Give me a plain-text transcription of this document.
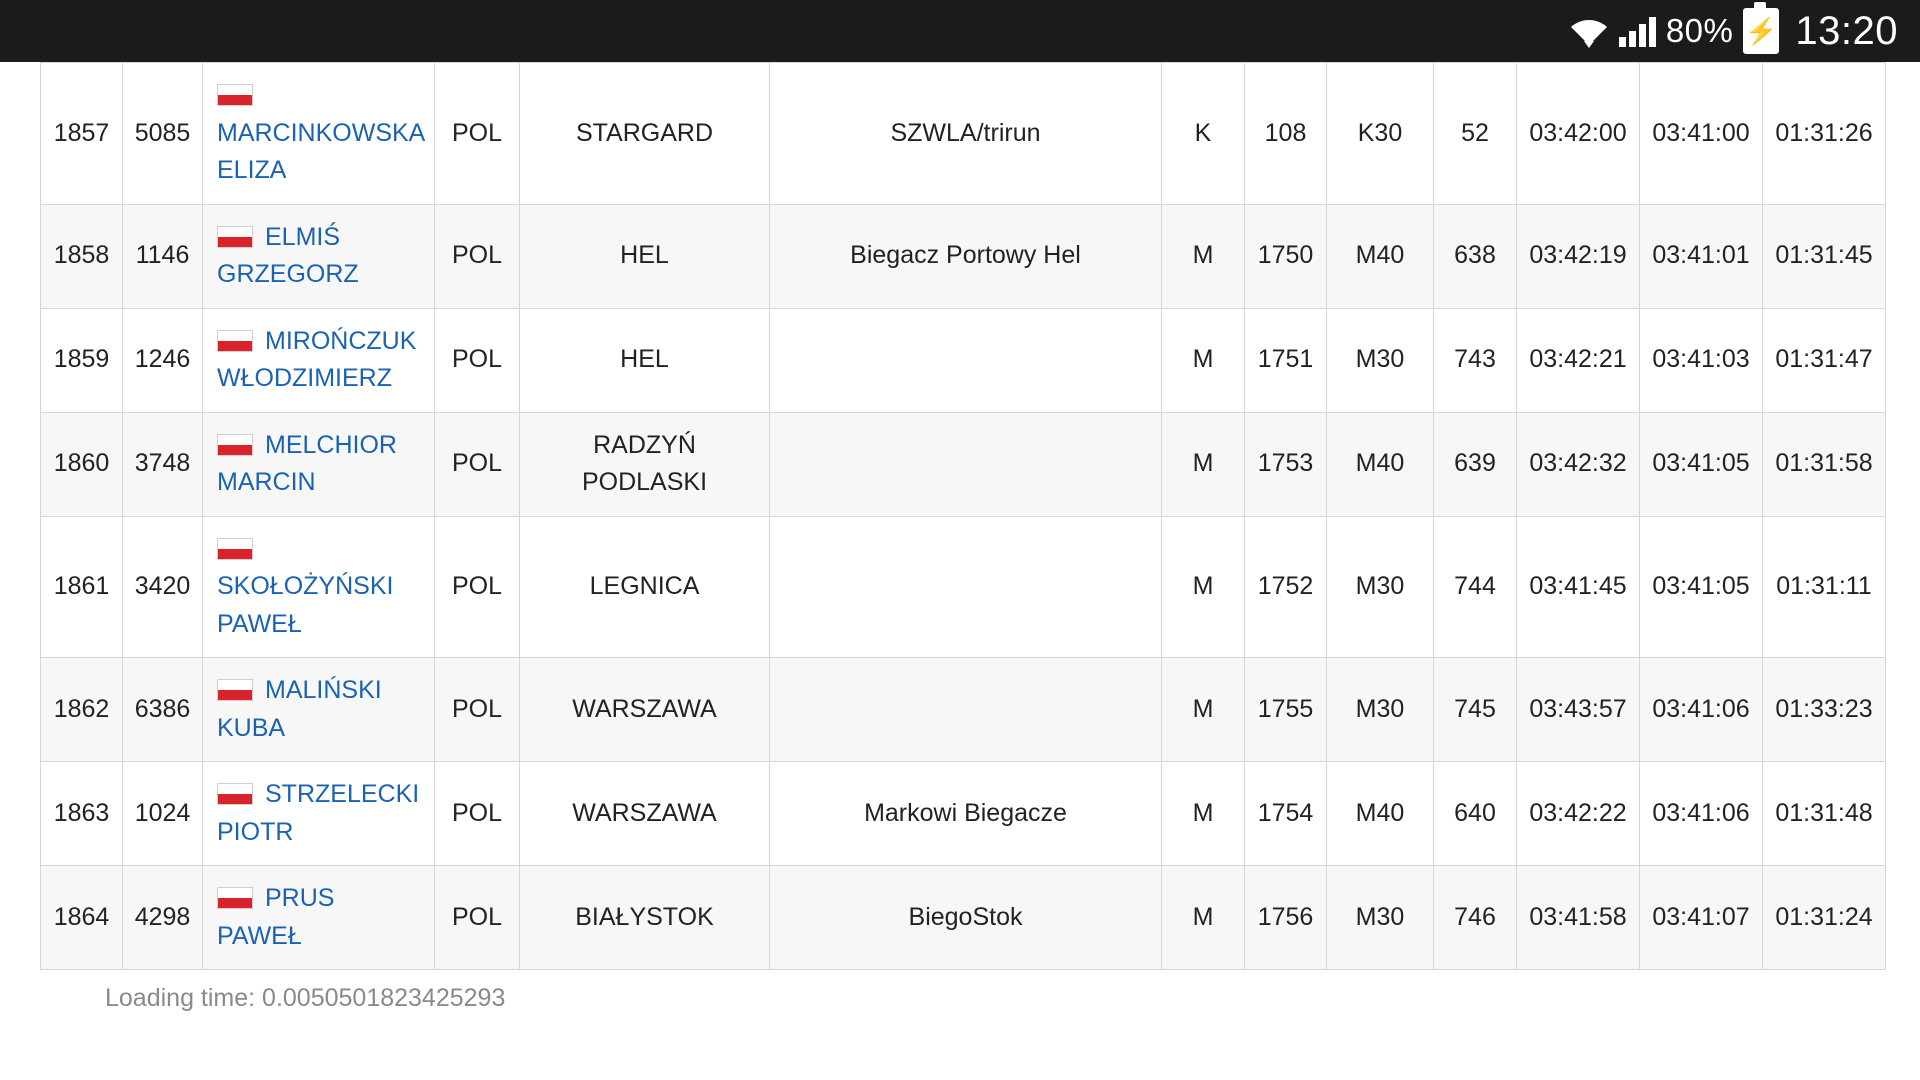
80% ⚡ 13:20
1857	5085	MARCINKOWSKA ELIZA	POL	STARGARD	SZWLA/trirun	K	108	K30	52	03:42:00	03:41:00	01:31:26
1858	1146	ELMIŚ GRZEGORZ	POL	HEL	Biegacz Portowy Hel	M	1750	M40	638	03:42:19	03:41:01	01:31:45
1859	1246	MIROŃCZUK WŁODZIMIERZ	POL	HEL		M	1751	M30	743	03:42:21	03:41:03	01:31:47
1860	3748	MELCHIOR MARCIN	POL	RADZYŃ PODLASKI		M	1753	M40	639	03:42:32	03:41:05	01:31:58
1861	3420	SKOŁOŻYŃSKI PAWEŁ	POL	LEGNICA		M	1752	M30	744	03:41:45	03:41:05	01:31:11
1862	6386	MALIŃSKI KUBA	POL	WARSZAWA		M	1755	M30	745	03:43:57	03:41:06	01:33:23
1863	1024	STRZELECKI PIOTR	POL	WARSZAWA	Markowi Biegacze	M	1754	M40	640	03:42:22	03:41:06	01:31:48
1864	4298	PRUS PAWEŁ	POL	BIAŁYSTOK	BiegoStok	M	1756	M30	746	03:41:58	03:41:07	01:31:24
Loading time: 0.0050501823425293
